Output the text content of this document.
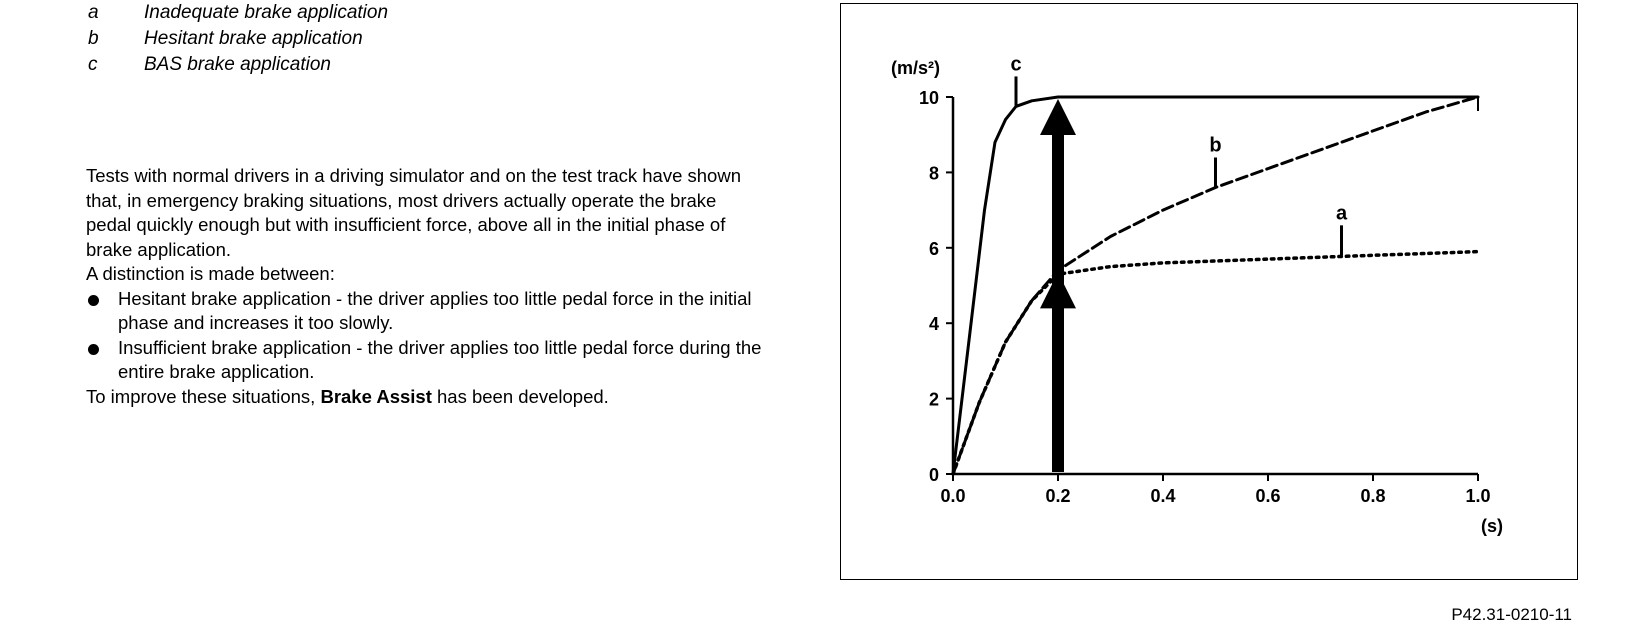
a Inadequate brake application
b Hesitant brake application
c BAS brake application

Tests with normal drivers in a driving simulator and on the test track have shown that, in emergency braking situations, most drivers actually operate the brake pedal quickly enough but with insufficient force, above all in the initial phase of brake application.

A distinction is made between:

Hesitant brake application - the driver applies too little pedal force in the initial phase and increases it too slowly.
Insufficient brake application - the driver applies too little pedal force during the entire brake application.

To improve these situations, Brake Assist has been developed.

0
2
4
6
8
10
0.0	0.2	0.4	0.6	0.8	1.0
(m/s²)
(s)
a
b
c
P42.31-0210-11
